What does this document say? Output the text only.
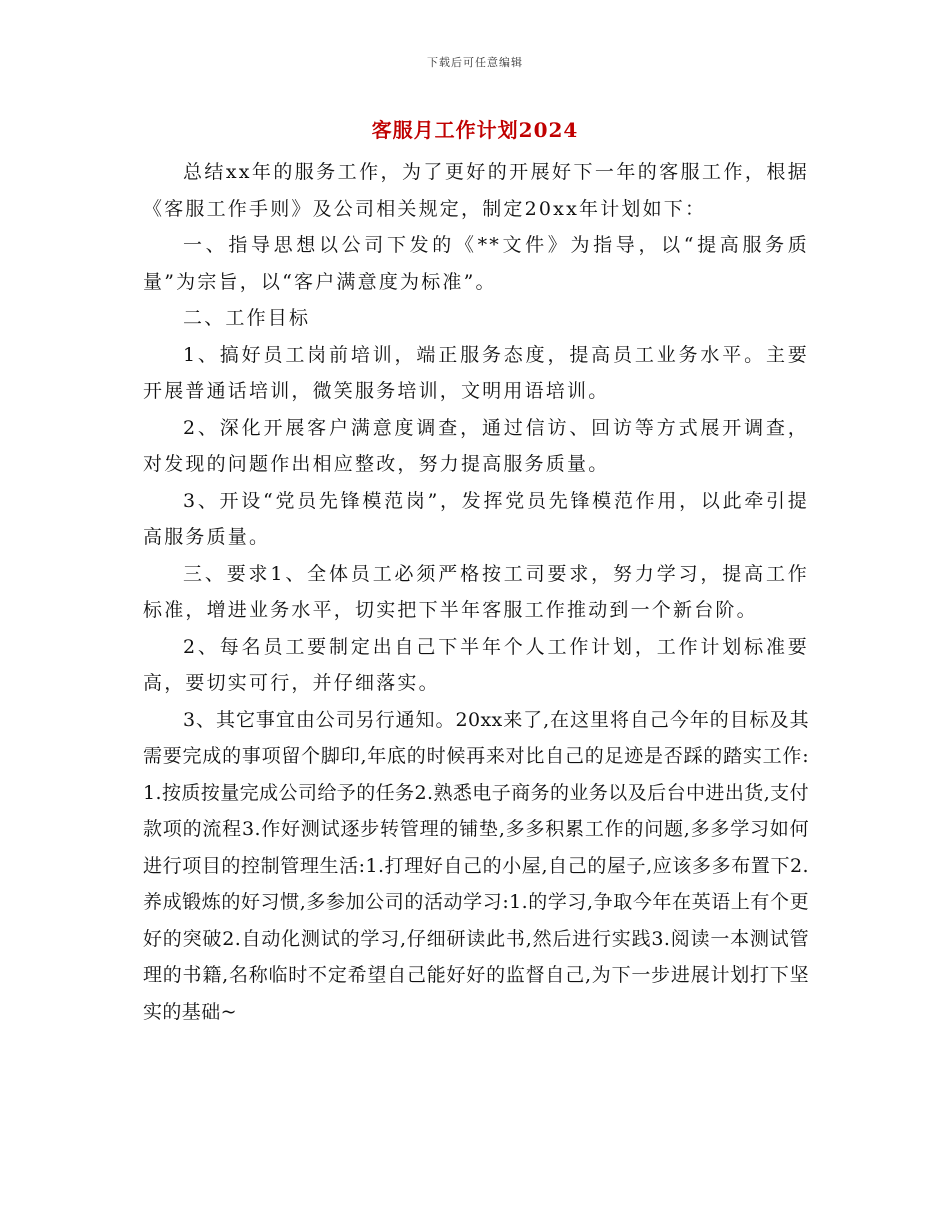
下载后可任意编辑
客服月工作计划2024

总结xx年的服务工作，为了更好的开展好下一年的客服工作，根据《客服工作手则》及公司相关规定，制定20xx年计划如下：

一、指导思想以公司下发的《**文件》为指导，以“提高服务质量”为宗旨，以“客户满意度为标准”。

二、工作目标

1、搞好员工岗前培训，端正服务态度，提高员工业务水平。主要开展普通话培训，微笑服务培训，文明用语培训。

2、深化开展客户满意度调查，通过信访、回访等方式展开调查，对发现的问题作出相应整改，努力提高服务质量。

3、开设“党员先锋模范岗”，发挥党员先锋模范作用，以此牵引提高服务质量。

三、要求1、全体员工必须严格按工司要求，努力学习，提高工作标准，增进业务水平，切实把下半年客服工作推动到一个新台阶。

2、每名员工要制定出自己下半年个人工作计划，工作计划标准要高，要切实可行，并仔细落实。

3、其它事宜由公司另行通知。20xx来了,在这里将自己今年的目标及其需要完成的事项留个脚印,年底的时候再来对比自己的足迹是否踩的踏实工作:1.按质按量完成公司给予的任务2.熟悉电子商务的业务以及后台中进出货,支付款项的流程3.作好测试逐步转管理的铺垫,多多积累工作的问题,多多学习如何进行项目的控制管理生活:1.打理好自己的小屋,自己的屋子,应该多多布置下2.养成锻炼的好习惯,多参加公司的活动学习:1.的学习,争取今年在英语上有个更好的突破2.自动化测试的学习,仔细研读此书,然后进行实践3.阅读一本测试管理的书籍,名称临时不定希望自己能好好的监督自己,为下一步进展计划打下坚实的基础~
